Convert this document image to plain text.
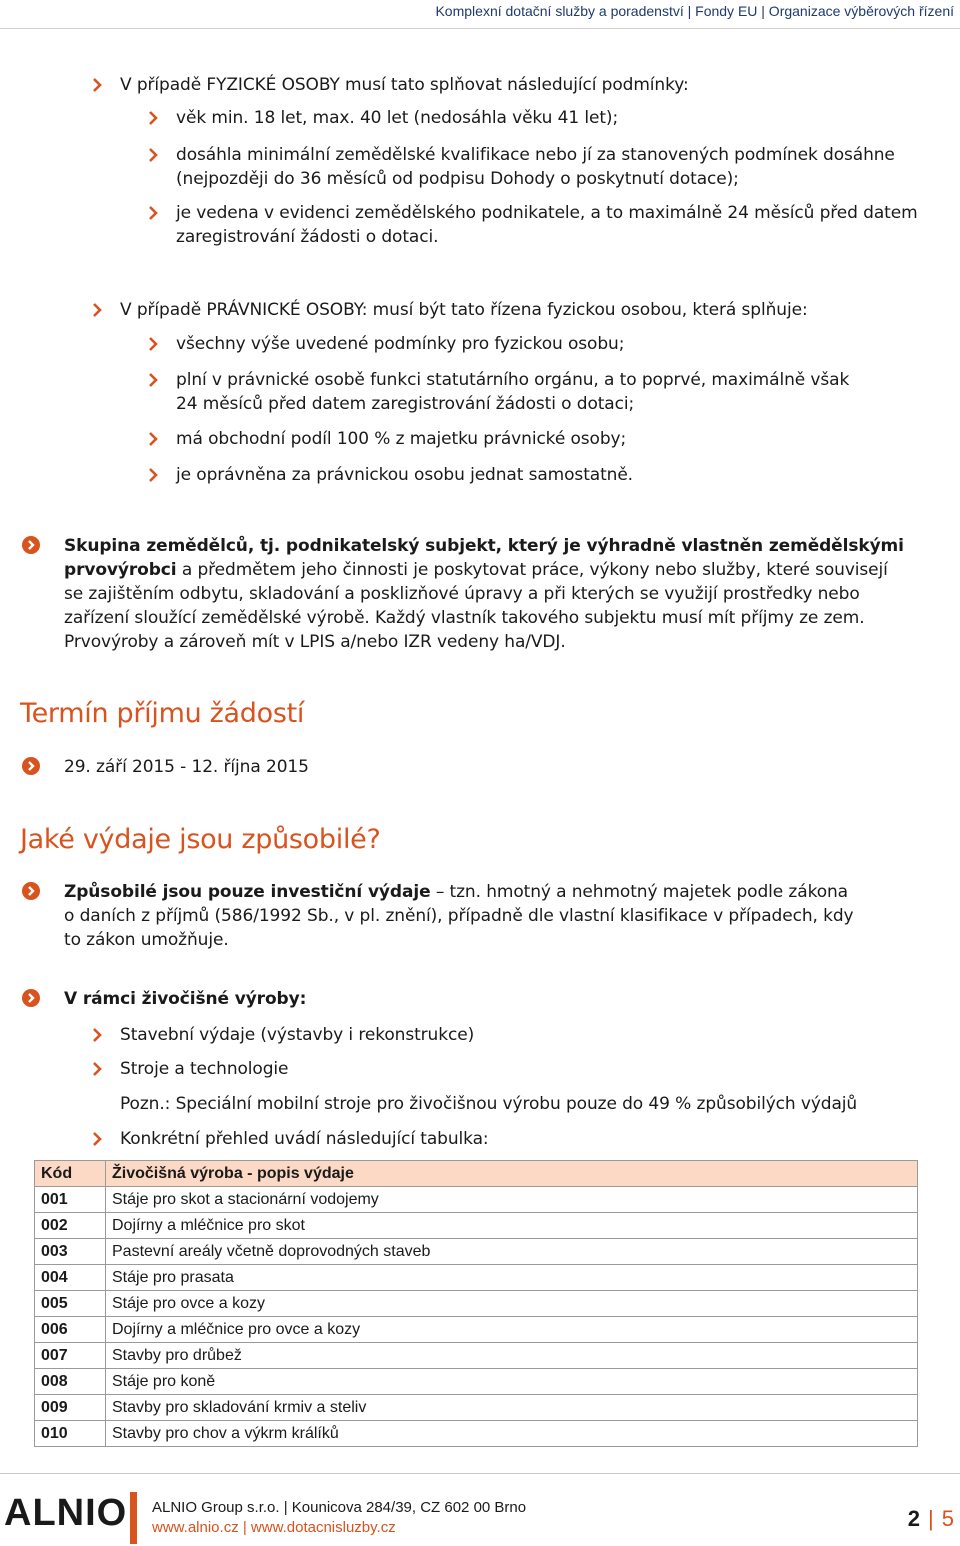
Komplexní dotační služby a poradenství | Fondy EU | Organizace výběrových řízení
V případě FYZICKÉ OSOBY musí tato splňovat následující podmínky:
věk min. 18 let, max. 40 let (nedosáhla věku 41 let);
dosáhla minimální zemědělské kvalifikace nebo jí za stanovených podmínek dosáhne
(nejpozději do 36 měsíců od podpisu Dohody o poskytnutí dotace);
je vedena v evidenci zemědělského podnikatele, a to maximálně 24 měsíců před datem
zaregistrování žádosti o dotaci.
V případě PRÁVNICKÉ OSOBY: musí být tato řízena fyzickou osobou, která splňuje:
všechny výše uvedené podmínky pro fyzickou osobu;
plní v právnické osobě funkci statutárního orgánu, a to poprvé, maximálně však
24 měsíců před datem zaregistrování žádosti o dotaci;
má obchodní podíl 100 % z majetku právnické osoby;
je oprávněna za právnickou osobu jednat samostatně.
Skupina zemědělců, tj. podnikatelský subjekt, který je výhradně vlastněn zemědělskými
prvovýrobci a předmětem jeho činnosti je poskytovat práce, výkony nebo služby, které souvisejí
se zajištěním odbytu, skladování a posklizňové úpravy a při kterých se využijí prostředky nebo
zařízení sloužící zemědělské výrobě. Každý vlastník takového subjektu musí mít příjmy ze zem.
Prvovýroby a zároveň mít v LPIS a/nebo IZR vedeny ha/VDJ.
Termín příjmu žádostí
29. září 2015 - 12. října 2015
Jaké výdaje jsou způsobilé?
Způsobilé jsou pouze investiční výdaje – tzn. hmotný a nehmotný majetek podle zákona
o daních z příjmů (586/1992 Sb., v pl. znění), případně dle vlastní klasifikace v případech, kdy
to zákon umožňuje.
V rámci živočišné výroby:
Stavební výdaje (výstavby i rekonstrukce)
Stroje a technologie
Pozn.: Speciální mobilní stroje pro živočišnou výrobu pouze do 49 % způsobilých výdajů
Konkrétní přehled uvádí následující tabulka:
Kód	Živočišná výroba - popis výdaje
001	Stáje pro skot a stacionární vodojemy
002	Dojírny a mléčnice pro skot
003	Pastevní areály včetně doprovodných staveb
004	Stáje pro prasata
005	Stáje pro ovce a kozy
006	Dojírny a mléčnice pro ovce a kozy
007	Stavby pro drůbež
008	Stáje pro koně
009	Stavby pro skladování krmiv a steliv
010	Stavby pro chov a výkrm králíků
ALNIO ALNIO Group s.r.o. | Kounicova 284/39, CZ 602 00 Brno
www.alnio.cz | www.dotacnisluzby.cz	2 | 5
